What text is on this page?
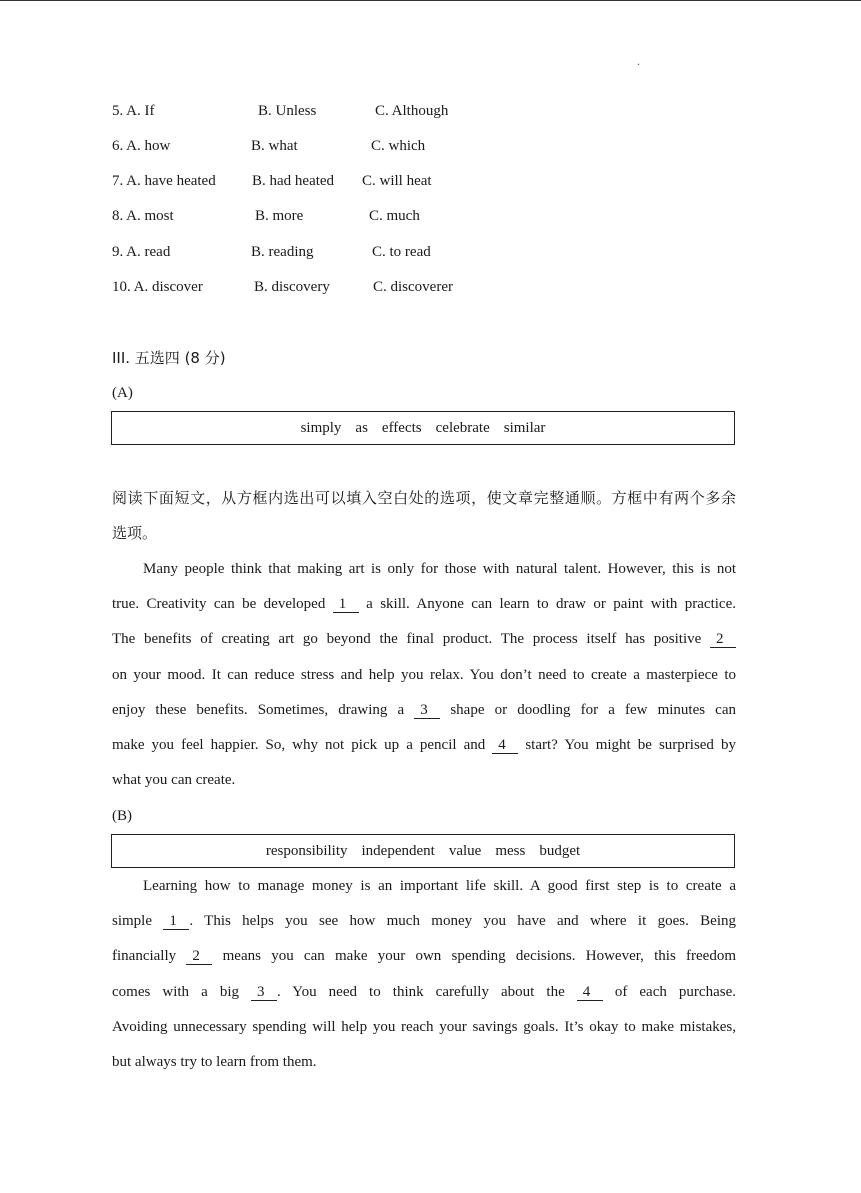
.
5. A. If	B. Unless	C. Although
6. A. how	B. what	C. which
7. A. have heated B. had heated C. will heat
8. A. most	B. more	C. much
9. A. read	B. reading	C. to read
10. A. discover	B. discovery	C. discoverer
III. 五选四 (8 分)
(A)
simply as effects celebrate similar
阅读下面短文，从方框内选出可以填入空白处的选项，使文章完整通顺。方框中有两个多余
选项。
Many people think that making art is only for those with natural talent. However, this is not
true. Creativity can be developed 1 a skill. Anyone can learn to draw or paint with practice.
The benefits of creating art go beyond the final product. The process itself has positive 2
on your mood. It can reduce stress and help you relax. You don’t need to create a masterpiece to
enjoy these benefits. Sometimes, drawing a 3 shape or doodling for a few minutes can
make you feel happier. So, why not pick up a pencil and 4 start? You might be surprised by
what you can create.
(B)
responsibility independent value mess budget
Learning how to manage money is an important life skill. A good first step is to create a
simple 1 . This helps you see how much money you have and where it goes. Being
financially 2 means you can make your own spending decisions. However, this freedom
comes with a big 3 . You need to think carefully about the 4 of each purchase.
Avoiding unnecessary spending will help you reach your savings goals. It’s okay to make mistakes,
but always try to learn from them.
